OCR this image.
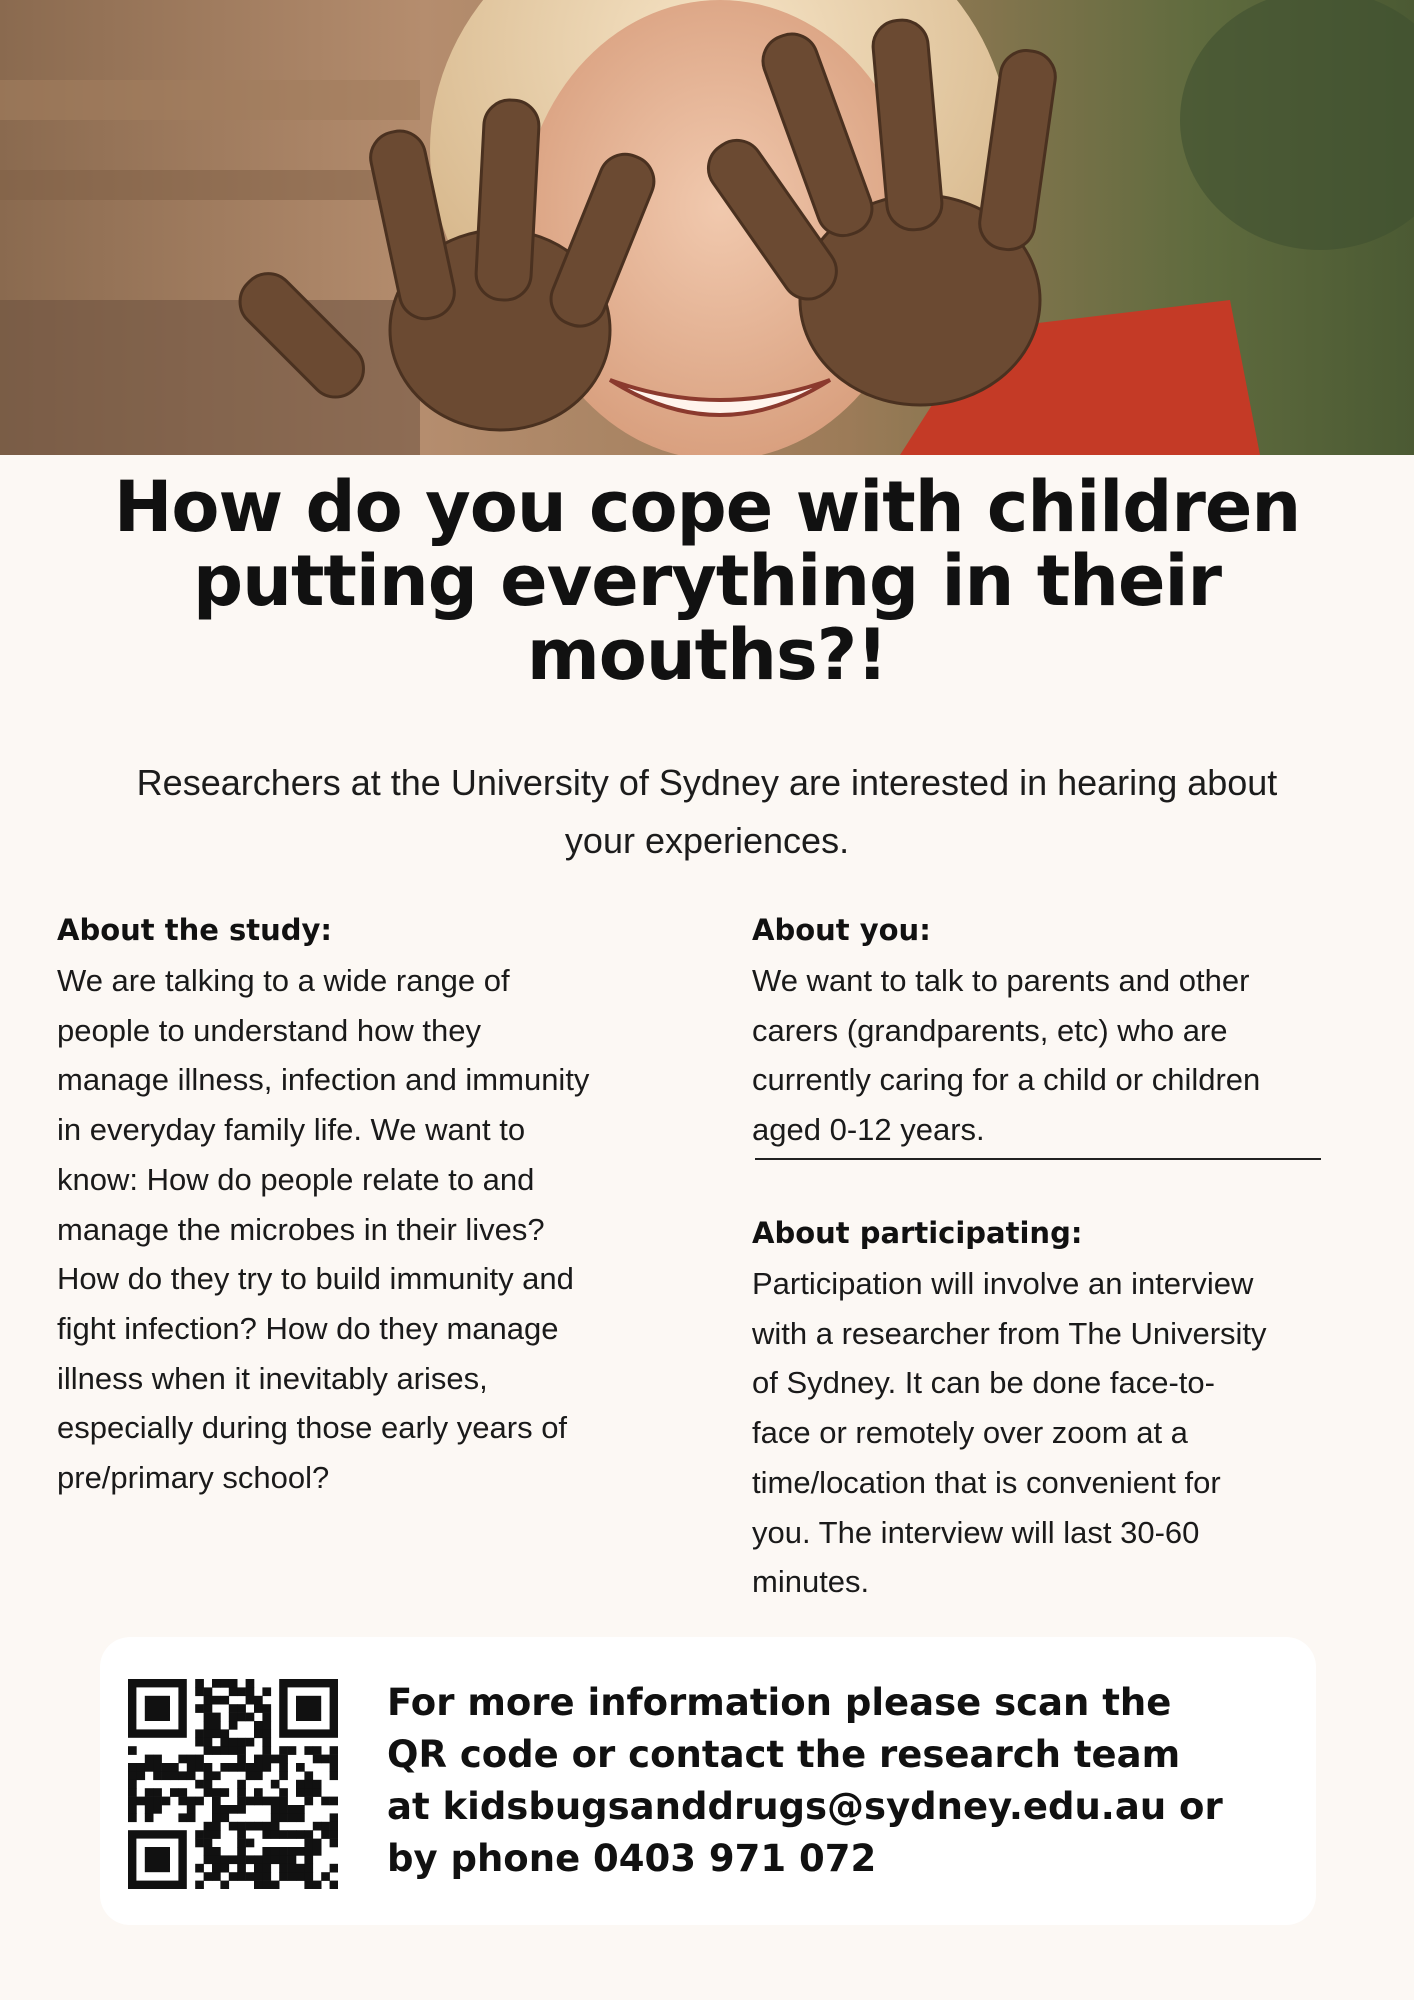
How do you cope with children
putting everything in their
mouths?!

Researchers at the University of Sydney are interested in hearing about
your experiences.

About the study:

We are talking to a wide range of
people to understand how they
manage illness, infection and immunity
in everyday family life. We want to
know: How do people relate to and
manage the microbes in their lives?
How do they try to build immunity and
fight infection? How do they manage
illness when it inevitably arises,
especially during those early years of
pre/primary school?

About you:

We want to talk to parents and other
carers (grandparents, etc) who are
currently caring for a child or children
aged 0-12 years.

About participating:

Participation will involve an interview
with a researcher from The University
of Sydney. It can be done face-to-
face or remotely over zoom at a
time/location that is convenient for
you. The interview will last 30-60
minutes.

For more information please scan the
QR code or contact the research team
at kidsbugsanddrugs@sydney.edu.au or
by phone 0403 971 072
